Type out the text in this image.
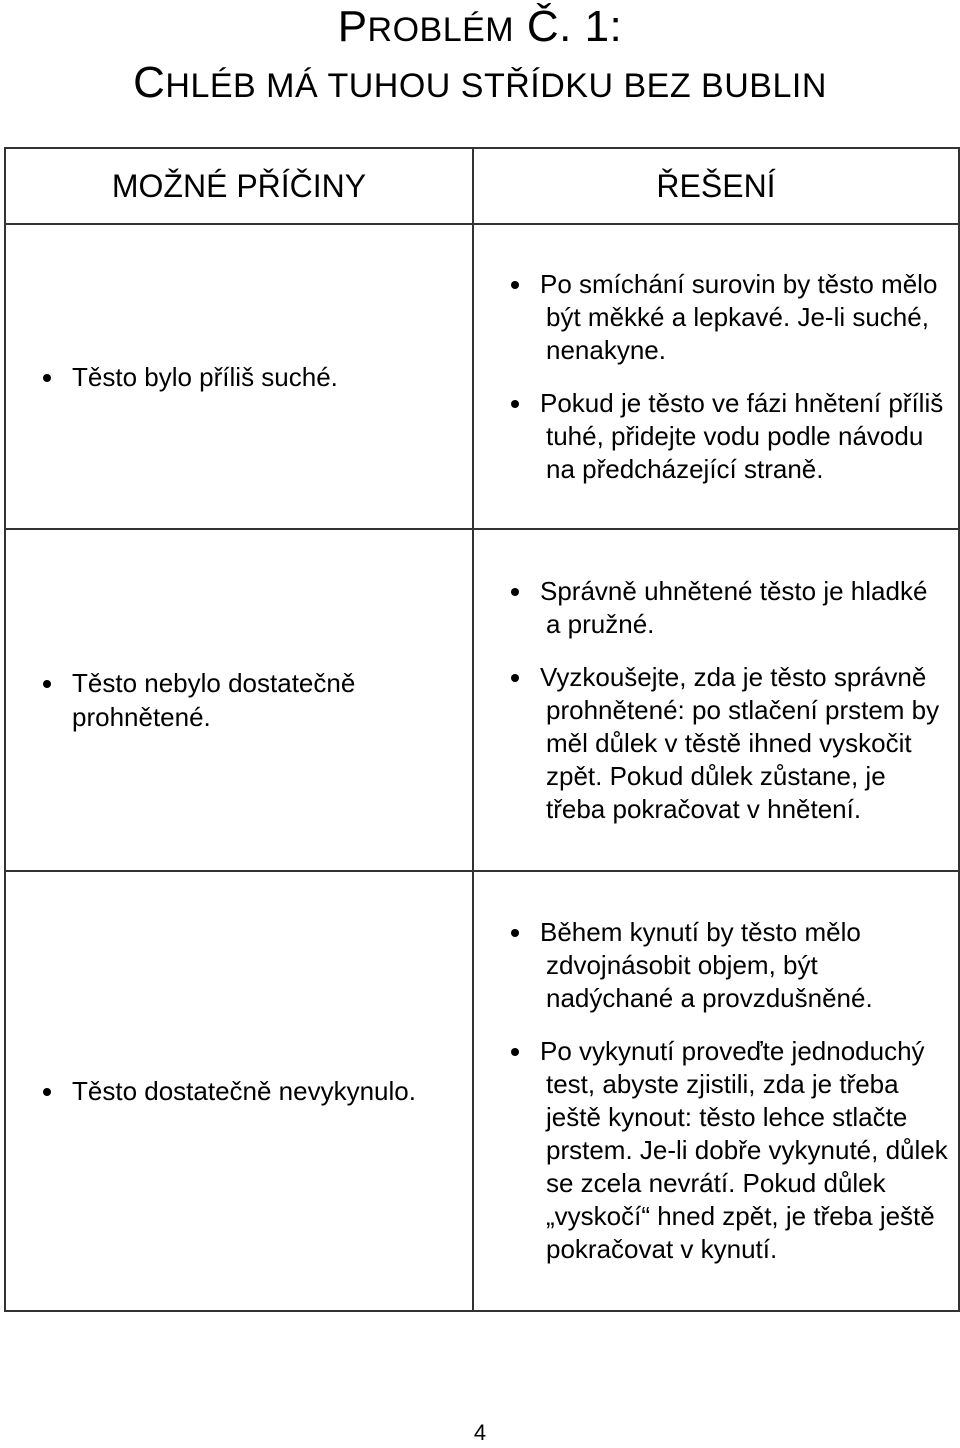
PROBLÉM Č. 1:
CHLÉB MÁ TUHOU STŘÍDKU BEZ BUBLIN
MOŽNÉ PŘÍČINY	ŘEŠENÍ

Těsto bylo příliš suché.	Po smíchání surovin by těsto mělo být měkké a lepkavé. Je-li suché, nenakyne.
Pokud je těsto ve fázi hnětení příliš tuhé, přidejte vodu podle návodu na předcházející straně.

Těsto nebylo dostatečně prohnětené.	Správně uhnětené těsto je hladké a pružné.
Vyzkoušejte, zda je těsto správně prohnětené: po stlačení prstem by měl důlek v těstě ihned vyskočit zpět. Pokud důlek zůstane, je třeba pokračovat v hnětení.

Těsto dostatečně nevykynulo.	Během kynutí by těsto mělo zdvojnásobit objem, být nadýchané a provzdušněné.
Po vykynutí proveďte jednoduchý test, abyste zjistili, zda je třeba ještě kynout: těsto lehce stlačte prstem. Je-li dobře vykynuté, důlek se zcela nevrátí. Pokud důlek „vyskočí“ hned zpět, je třeba ještě pokračovat v kynutí.
4
